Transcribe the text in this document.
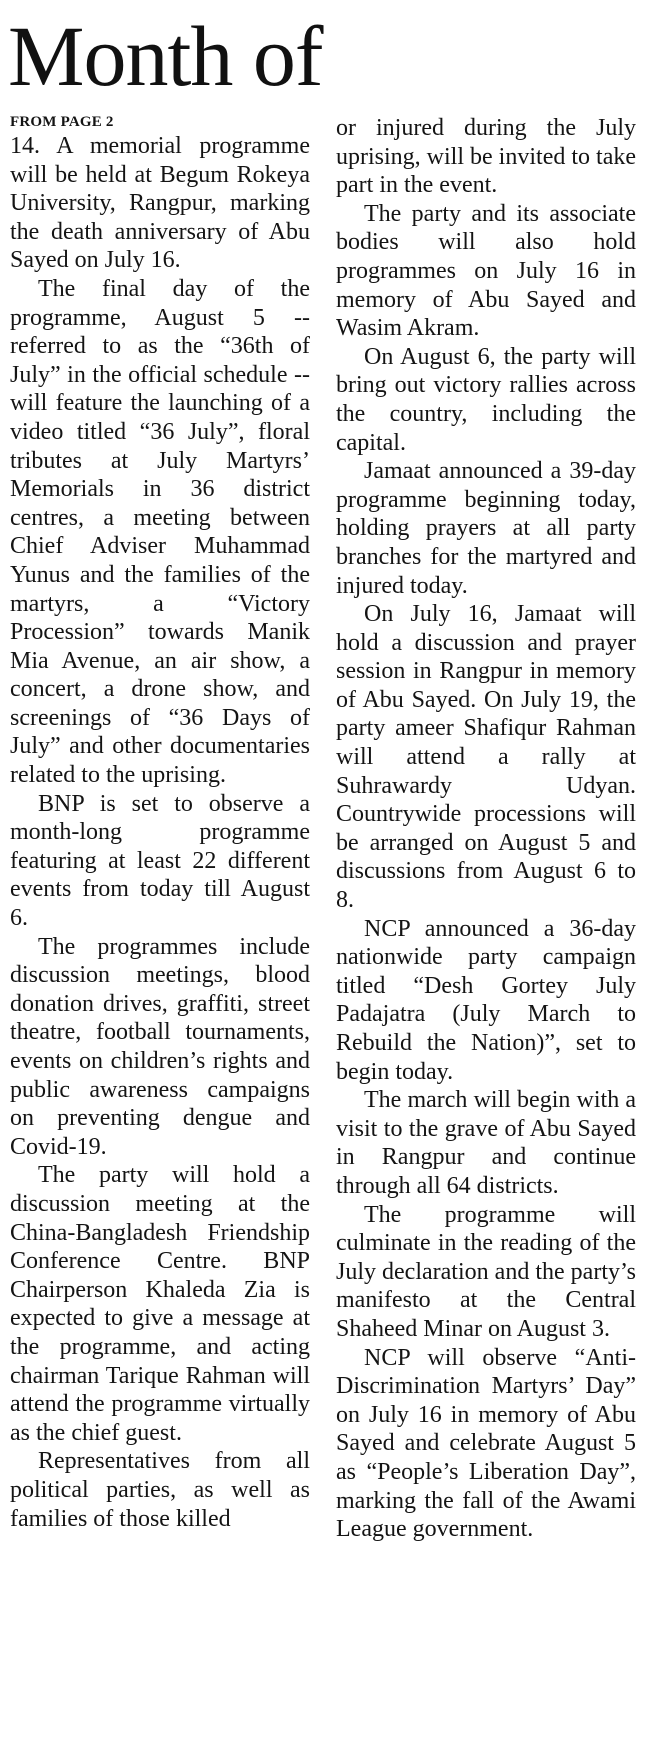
Month of
FROM PAGE 2

14. A memorial programme will be held at Begum Rokeya University, Rangpur, marking the death anniversary of Abu Sayed on July 16.

The final day of the programme, August 5 -- referred to as the “36th of July” in the official schedule -- will feature the launching of a video titled “36 July”, floral tributes at July Martyrs’ Memorials in 36 district centres, a meeting between Chief Adviser Muhammad Yunus and the families of the martyrs, a “Victory Procession” towards Manik Mia Avenue, an air show, a concert, a drone show, and screenings of “36 Days of July” and other documentaries related to the uprising.

BNP is set to observe a month-long programme featuring at least 22 different events from today till August 6.

The programmes include discussion meetings, blood donation drives, graffiti, street theatre, football tournaments, events on children’s rights and public awareness campaigns on preventing dengue and Covid-19.

The party will hold a discussion meeting at the China-Bangladesh Friendship Conference Centre. BNP Chairperson Khaleda Zia is expected to give a message at the programme, and acting chairman Tarique Rahman will attend the programme virtually as the chief guest.

Representatives from all political parties, as well as families of those killed

or injured during the July uprising, will be invited to take part in the event.

The party and its associate bodies will also hold programmes on July 16 in memory of Abu Sayed and Wasim Akram.

On August 6, the party will bring out victory rallies across the country, including the capital.

Jamaat announced a 39-day programme beginning today, holding prayers at all party branches for the martyred and injured today.

On July 16, Jamaat will hold a discussion and prayer session in Rangpur in memory of Abu Sayed. On July 19, the party ameer Shafiqur Rahman will attend a rally at Suhrawardy Udyan. Countrywide processions will be arranged on August 5 and discussions from August 6 to 8.

NCP announced a 36-day nationwide party campaign titled “Desh Gortey July Padajatra (July March to Rebuild the Nation)”, set to begin today.

The march will begin with a visit to the grave of Abu Sayed in Rangpur and continue through all 64 districts.

The programme will culminate in the reading of the July declaration and the party’s manifesto at the Central Shaheed Minar on August 3.

NCP will observe “Anti-Discrimination Martyrs’ Day” on July 16 in memory of Abu Sayed and celebrate August 5 as “People’s Liberation Day”, marking the fall of the Awami League government.
